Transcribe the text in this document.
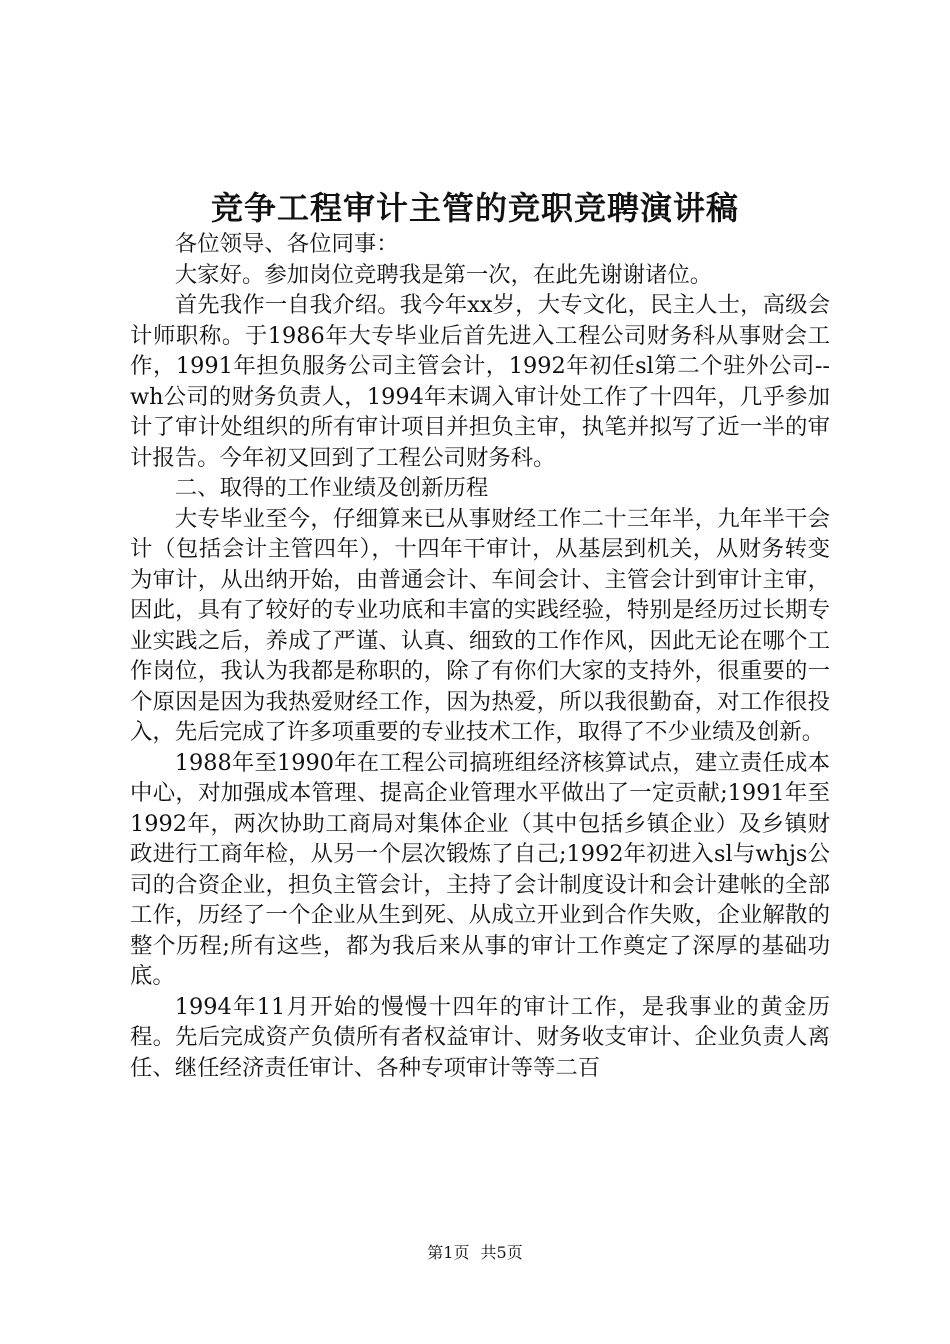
竞争工程审计主管的竞职竞聘演讲稿

各位领导、各位同事：

大家好。参加岗位竞聘我是第一次，在此先谢谢诸位。

首先我作一自我介绍。我今年xx岁，大专文化，民主人士，高级会计师职称。于1986年大专毕业后首先进入工程公司财务科从事财会工作，1991年担负服务公司主管会计，1992年初任sl第二个驻外公司--wh公司的财务负责人，1994年末调入审计处工作了十四年，几乎参加计了审计处组织的所有审计项目并担负主审，执笔并拟写了近一半的审计报告。今年初又回到了工程公司财务科。

二、取得的工作业绩及创新历程

大专毕业至今，仔细算来已从事财经工作二十三年半，九年半干会计（包括会计主管四年），十四年干审计，从基层到机关，从财务转变为审计，从出纳开始，由普通会计、车间会计、主管会计到审计主审，因此，具有了较好的专业功底和丰富的实践经验，特别是经历过长期专业实践之后，养成了严谨、认真、细致的工作作风，因此无论在哪个工作岗位，我认为我都是称职的，除了有你们大家的支持外，很重要的一个原因是因为我热爱财经工作，因为热爱，所以我很勤奋，对工作很投入，先后完成了许多项重要的专业技术工作，取得了不少业绩及创新。

1988年至1990年在工程公司搞班组经济核算试点，建立责任成本中心，对加强成本管理、提高企业管理水平做出了一定贡献;1991年至1992年，两次协助工商局对集体企业（其中包括乡镇企业）及乡镇财政进行工商年检，从另一个层次锻炼了自己;1992年初进入sl与whjs公司的合资企业，担负主管会计，主持了会计制度设计和会计建帐的全部工作，历经了一个企业从生到死、从成立开业到合作失败，企业解散的整个历程;所有这些，都为我后来从事的审计工作奠定了深厚的基础功底。

1994年11月开始的慢慢十四年的审计工作，是我事业的黄金历程。先后完成资产负债所有者权益审计、财务收支审计、企业负责人离任、继任经济责任审计、各种专项审计等等二百

第1页 共5页
